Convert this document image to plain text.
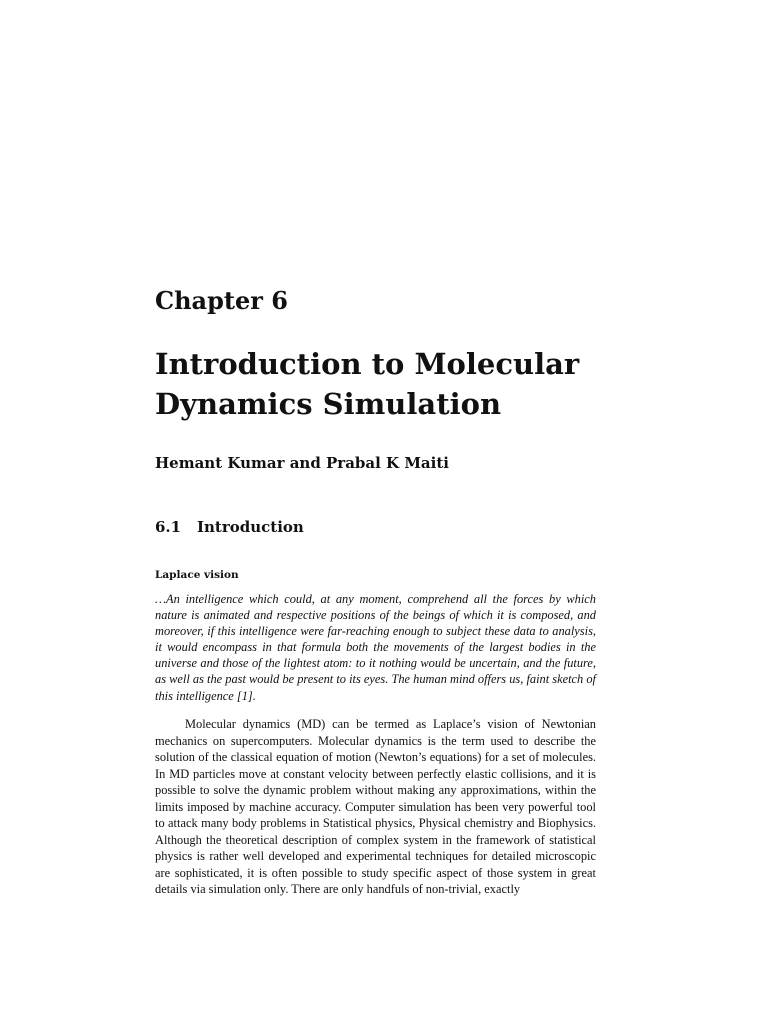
Chapter 6
Introduction to Molecular Dynamics Simulation
Hemant Kumar and Prabal K Maiti
6.1 Introduction
Laplace vision

…An intelligence which could, at any moment, comprehend all the forces by which nature is animated and respective positions of the beings of which it is composed, and moreover, if this intelligence were far-reaching enough to subject these data to analysis, it would encompass in that formula both the movements of the largest bodies in the universe and those of the lightest atom: to it nothing would be uncertain, and the future, as well as the past would be present to its eyes. The human mind offers us, faint sketch of this intelligence [1].

Molecular dynamics (MD) can be termed as Laplace’s vision of Newtonian mechanics on supercomputers. Molecular dynamics is the term used to describe the solution of the classical equation of motion (Newton’s equations) for a set of molecules. In MD particles move at constant velocity between perfectly elastic collisions, and it is possible to solve the dynamic problem without making any approximations, within the limits imposed by machine accuracy. Computer simulation has been very powerful tool to attack many body problems in Statistical physics, Physical chemistry and Biophysics. Although the theoretical description of complex system in the framework of statistical physics is rather well developed and experimental techniques for detailed microscopic are sophisticated, it is often possible to study specific aspect of those system in great details via simulation only. There are only handfuls of non-trivial, exactly
